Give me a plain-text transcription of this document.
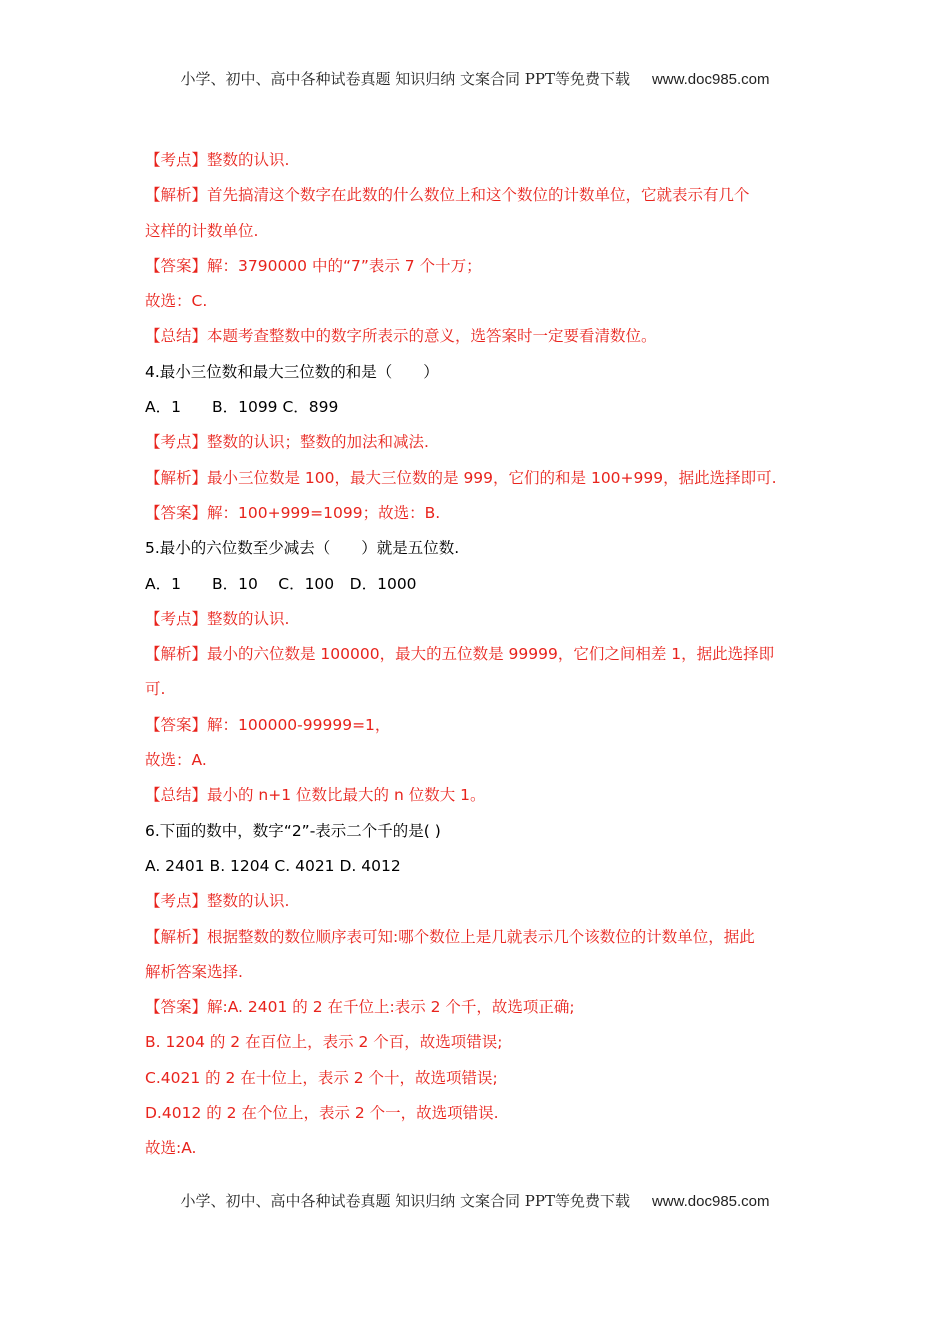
小学、初中、高中各种试卷真题 知识归纳 文案合同 PPT等免费下载 www.doc985.com
【考点】整数的认识.
【解析】首先搞清这个数字在此数的什么数位上和这个数位的计数单位，它就表示有几个
这样的计数单位.
【答案】解：3790000 中的“7”表示 7 个十万；
故选：C.
【总结】本题考查整数中的数字所表示的意义，选答案时一定要看清数位。
4.最小三位数和最大三位数的和是（　　）
A．1　　B．1099 C．899
【考点】整数的认识；整数的加法和减法.
【解析】最小三位数是 100，最大三位数的是 999，它们的和是 100+999，据此选择即可.
【答案】解：100+999=1099；故选：B.
5.最小的六位数至少减去（　　）就是五位数.
A．1　　B．10　 C．100　D．1000
【考点】整数的认识.
【解析】最小的六位数是 100000，最大的五位数是 99999，它们之间相差 1，据此选择即
可.
【答案】解：100000-99999=1，
故选：A.
【总结】最小的 n+1 位数比最大的 n 位数大 1。
6.下面的数中，数字“2”-表示二个千的是( )
A. 2401 B. 1204 C. 4021 D. 4012
【考点】整数的认识.
【解析】根据整数的数位顺序表可知:哪个数位上是几就表示几个该数位的计数单位，据此
解析答案选择.
【答案】解:A. 2401 的 2 在千位上:表示 2 个千，故选项正确;
B. 1204 的 2 在百位上，表示 2 个百，故选项错误;
C.4021 的 2 在十位上，表示 2 个十，故选项错误;
D.4012 的 2 在个位上，表示 2 个一，故选项错误.
故选:A.
小学、初中、高中各种试卷真题 知识归纳 文案合同 PPT等免费下载 www.doc985.com
